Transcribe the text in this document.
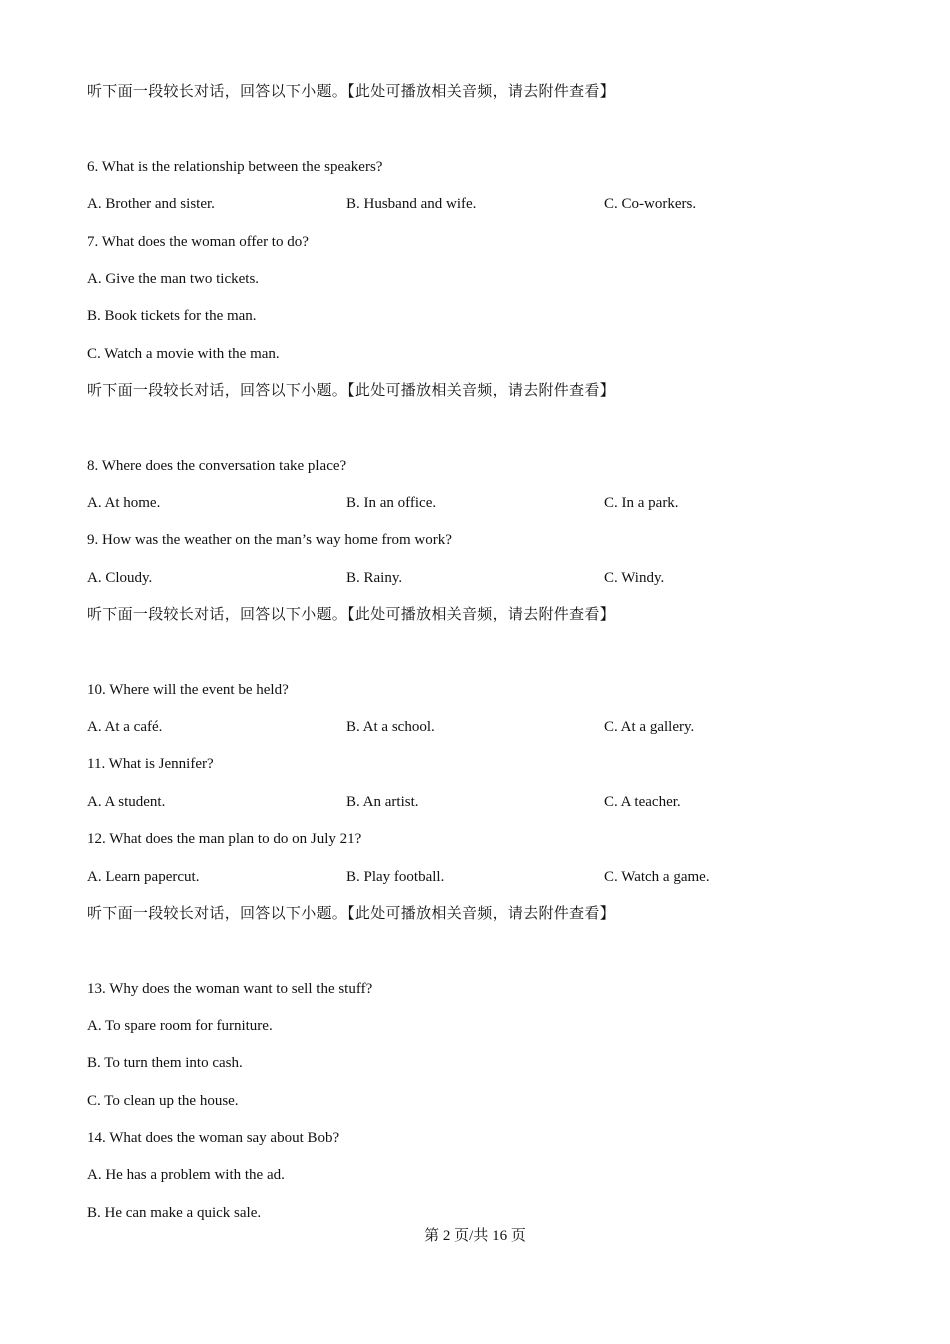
听下面一段较长对话，回答以下小题。【此处可播放相关音频，请去附件查看】
6. What is the relationship between the speakers?
A. Brother and sister.	B. Husband and wife.	C. Co-workers.
7. What does the woman offer to do?
A. Give the man two tickets.
B. Book tickets for the man.
C. Watch a movie with the man.
听下面一段较长对话，回答以下小题。【此处可播放相关音频，请去附件查看】
8. Where does the conversation take place?
A. At home.	B. In an office.	C. In a park.
9. How was the weather on the man’s way home from work?
A. Cloudy.	B. Rainy.	C. Windy.
听下面一段较长对话，回答以下小题。【此处可播放相关音频，请去附件查看】
10. Where will the event be held?
A. At a café.	B. At a school.	C. At a gallery.
11. What is Jennifer?
A. A student.	B. An artist.	C. A teacher.
12. What does the man plan to do on July 21?
A. Learn papercut.	B. Play football.	C. Watch a game.
听下面一段较长对话，回答以下小题。【此处可播放相关音频，请去附件查看】
13. Why does the woman want to sell the stuff?
A. To spare room for furniture.
B. To turn them into cash.
C. To clean up the house.
14. What does the woman say about Bob?
A. He has a problem with the ad.
B. He can make a quick sale.
第 2 页/共 16 页
